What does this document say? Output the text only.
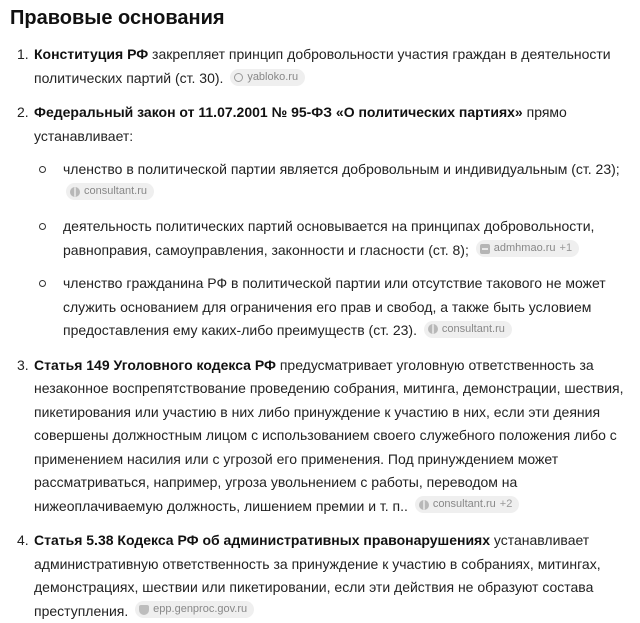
Правовые основания
1. Конституция РФ закрепляет принцип добровольности участия граждан в деятельности политических партий (ст. 30). yabloko.ru

2. Федеральный закон от 11.07.2001 № 95-ФЗ «О политических партиях» прямо устанавливает:

членство в политической партии является добровольным и индивидуальным (ст. 23);
consultant.ru
деятельность политических партий основывается на принципах добровольности, равноправия, самоуправления, законности и гласности (ст. 8); admhmao.ru +1
членство гражданина РФ в политической партии или отсутствие такового не может служить основанием для ограничения его прав и свобод, а также быть условием предоставления ему каких-либо преимуществ (ст. 23). consultant.ru
3. Статья 149 Уголовного кодекса РФ предусматривает уголовную ответственность за незаконное воспрепятствование проведению собрания, митинга, демонстрации, шествия, пикетирования или участию в них либо принуждение к участию в них, если эти деяния совершены должностным лицом с использованием своего служебного положения либо с применением насилия или с угрозой его применения. Под принуждением может рассматриваться, например, угроза увольнением с работы, переводом на нижеоплачиваемую должность, лишением премии и т. п.. consultant.ru +2

4. Статья 5.38 Кодекса РФ об административных правонарушениях устанавливает административную ответственность за принуждение к участию в собраниях, митингах, демонстрациях, шествии или пикетировании, если эти действия не образуют состава преступления. epp.genproc.gov.ru
